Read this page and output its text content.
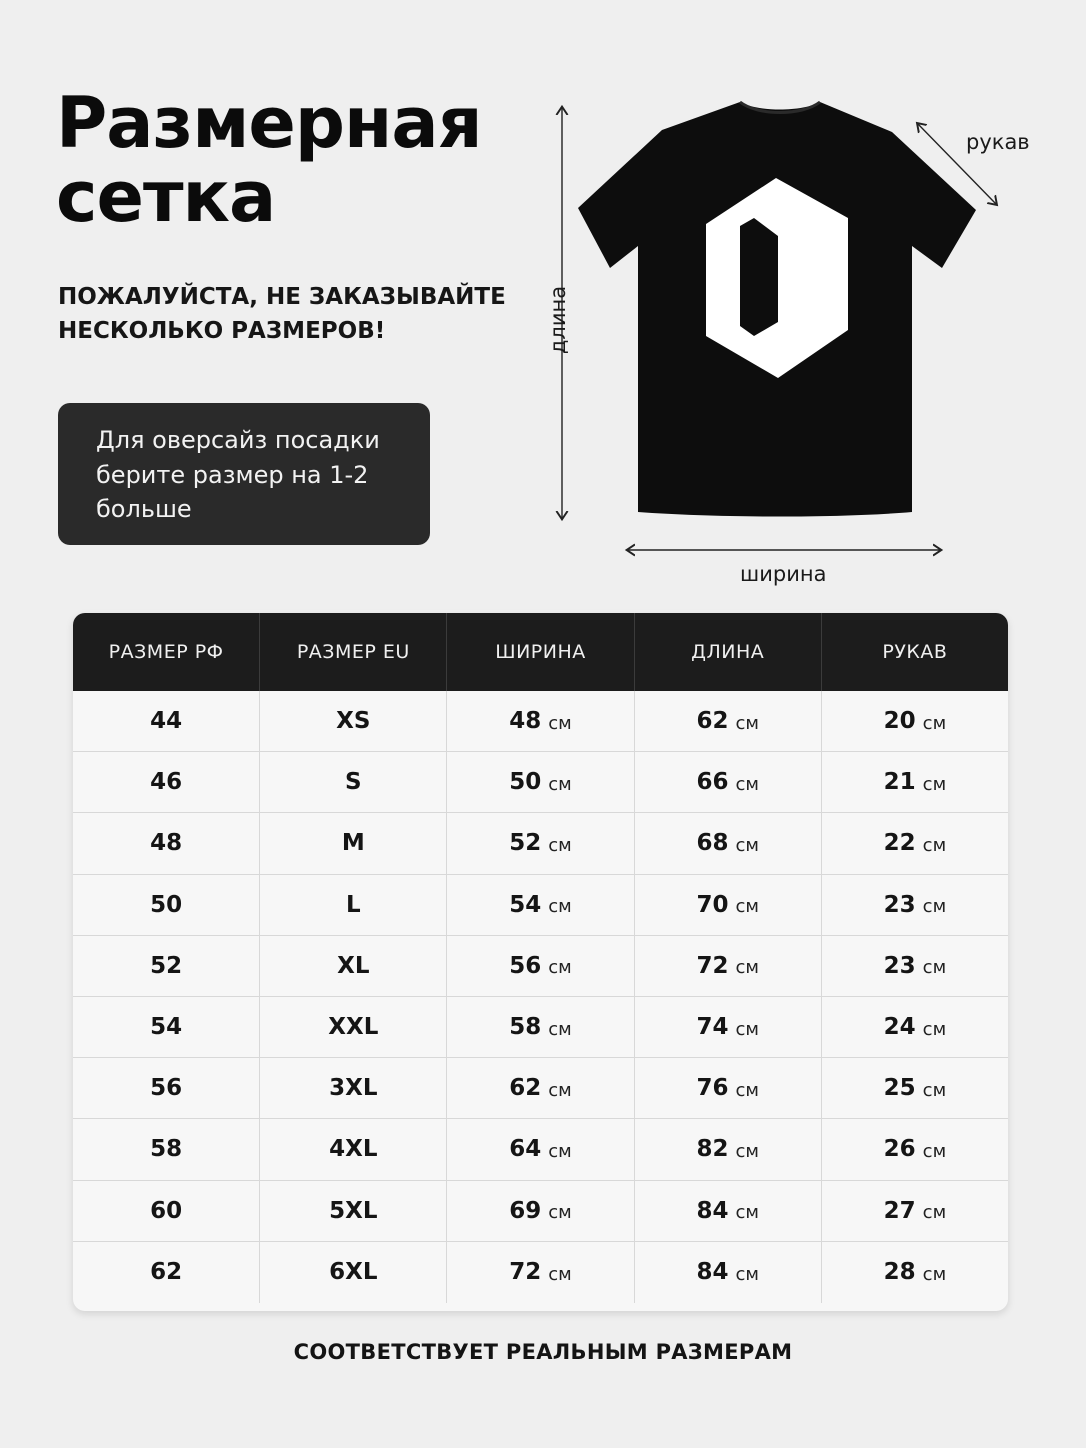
Размерная
сетка
ПОЖАЛУЙСТА, НЕ ЗАКАЗЫВАЙТЕ
НЕСКОЛЬКО РАЗМЕРОВ!
Для оверсайз посадки
берите размер на 1-2
больше
рукав
длина
ширина
РАЗМЕР РФ	РАЗМЕР EU	ШИРИНА	ДЛИНА	РУКАВ
44	XS	48 см	62 см	20 см
46	S	50 см	66 см	21 см
48	M	52 см	68 см	22 см
50	L	54 см	70 см	23 см
52	XL	56 см	72 см	23 см
54	XXL	58 см	74 см	24 см
56	3XL	62 см	76 см	25 см
58	4XL	64 см	82 см	26 см
60	5XL	69 см	84 см	27 см
62	6XL	72 см	84 см	28 см
СООТВЕТСТВУЕТ РЕАЛЬНЫМ РАЗМЕРАМ
